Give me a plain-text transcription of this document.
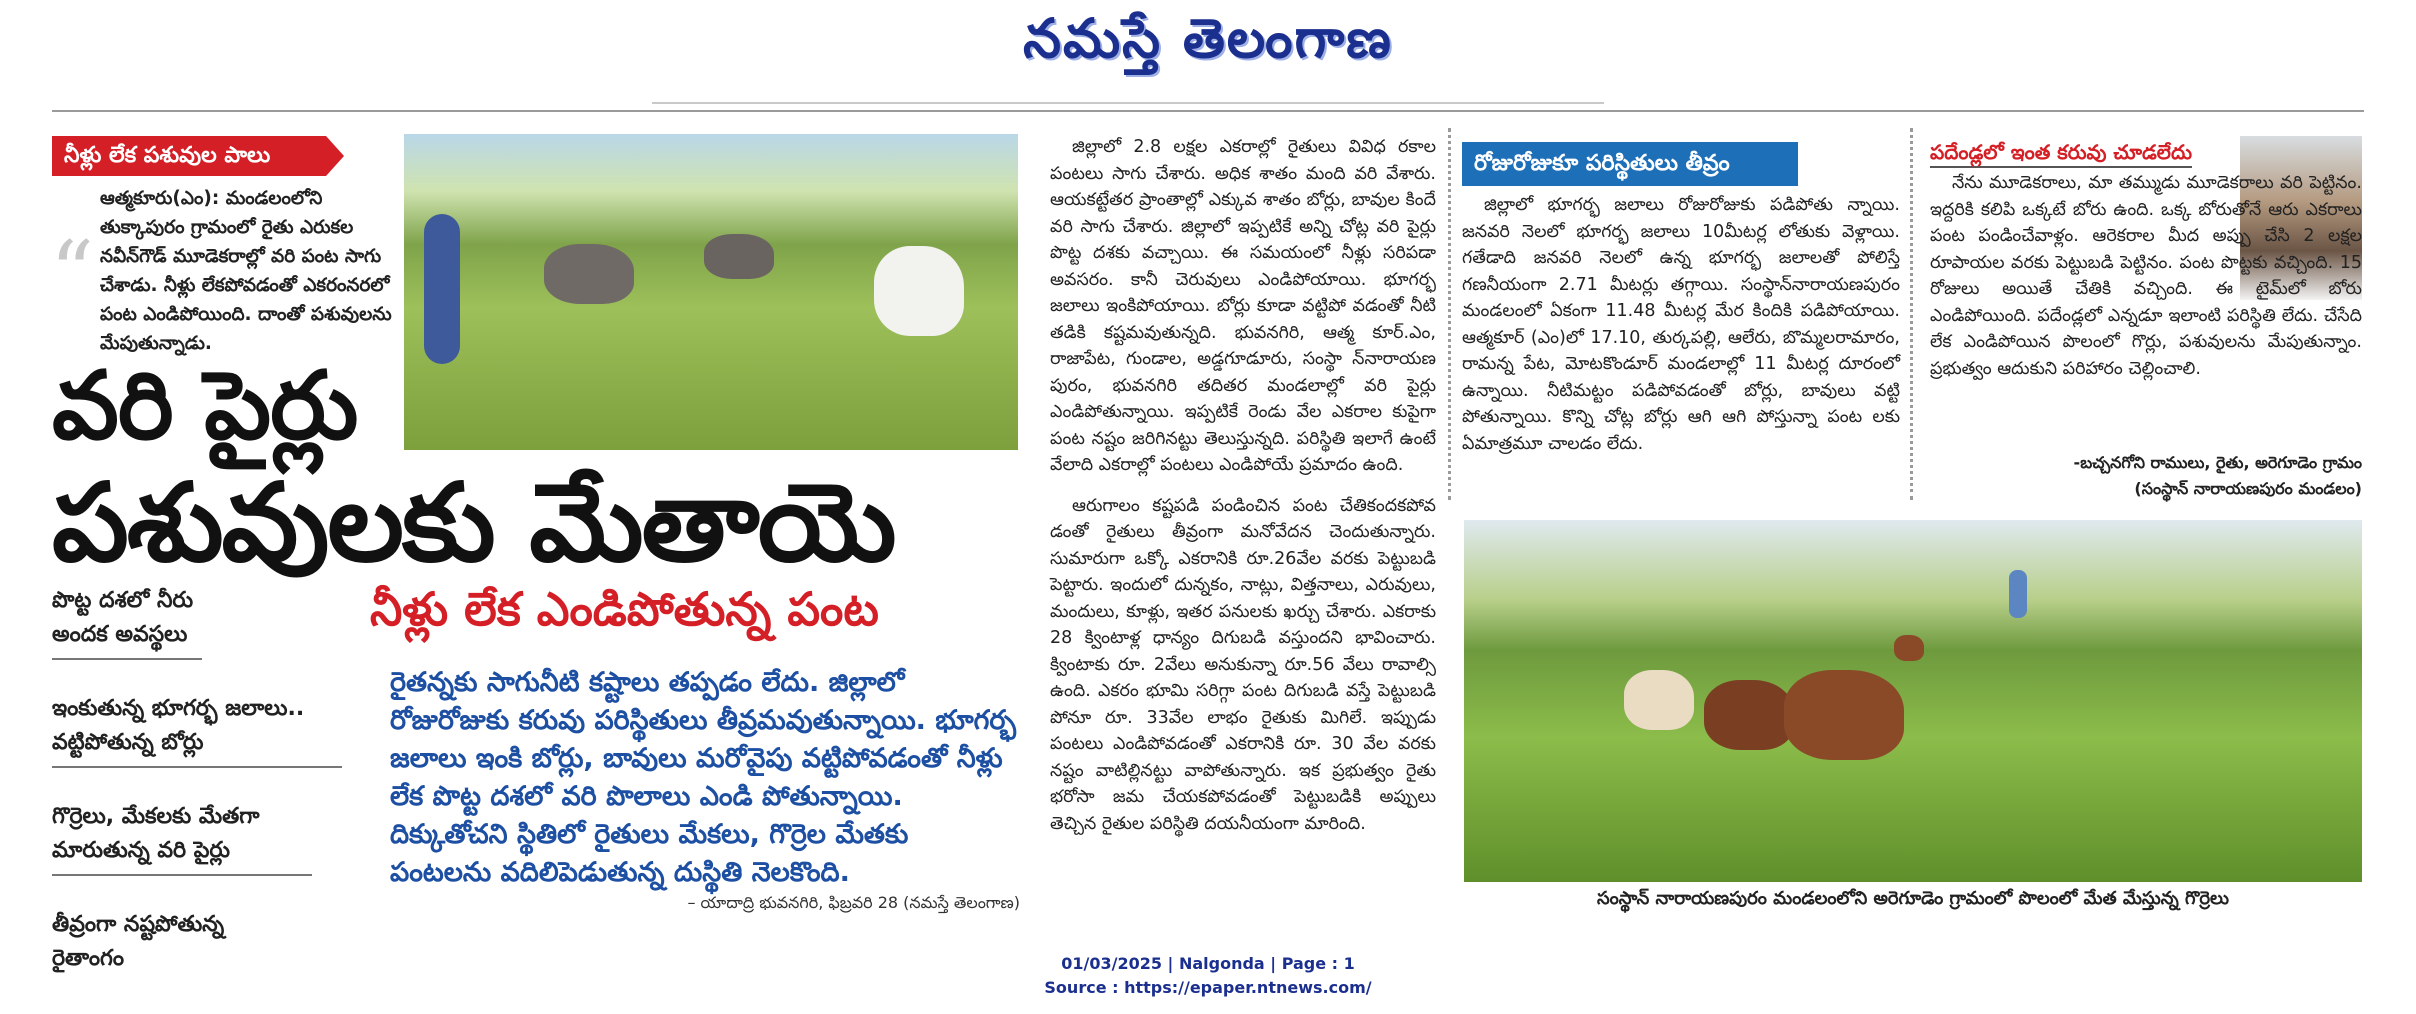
నమస్తే తెలంగాణ
నీళ్లు లేక పశువుల పాలు
“
ఆత్మకూరు(ఎం): మండలంలోని తుక్కాపురం గ్రామంలో రైతు ఎరుకల నవీన్‌గౌడ్ మూడెకరాల్లో వరి పంట సాగు చేశాడు. నీళ్లు లేకపోవడంతో ఎకరంనరలో పంట ఎండిపోయింది. దాంతో పశువులను మేపుతున్నాడు.
వరి పైర్లు
పశువులకు మేతాయె
నీళ్లు లేక ఎండిపోతున్న పంట
పొట్ట దశలో నీరు అందక అవస్థలు
ఇంకుతున్న భూగర్భ జలాలు.. వట్టిపోతున్న బోర్లు
గొర్రెలు, మేకలకు మేతగా మారుతున్న వరి పైర్లు
తీవ్రంగా నష్టపోతున్న రైతాంగం
రైతన్నకు సాగునీటి కష్టాలు తప్పడం లేదు. జిల్లాలో రోజురోజుకు కరువు పరిస్థితులు తీవ్రమవుతున్నాయి. భూగర్భ జలాలు ఇంకి బోర్లు, బావులు మరోవైపు వట్టిపోవడంతో నీళ్లు లేక పొట్ట దశలో వరి పొలాలు ఎండి పోతున్నాయి. దిక్కుతోచని స్థితిలో రైతులు మేకలు, గొర్రెల మేతకు పంటలను వదిలిపెడుతున్న దుస్థితి నెలకొంది.
– యాదాద్రి భువనగిరి, ఫిబ్రవరి 28 (నమస్తే తెలంగాణ)

జిల్లాలో 2.8 లక్షల ఎకరాల్లో రైతులు వివిధ రకాల పంటలు సాగు చేశారు. అధిక శాతం మంది వరి వేశారు. ఆయకట్టేతర ప్రాంతాల్లో ఎక్కువ శాతం బోర్లు, బావుల కిందే వరి సాగు చేశారు. జిల్లాలో ఇప్పటికే అన్ని చోట్ల వరి పైర్లు పొట్ట దశకు వచ్చాయి. ఈ సమయంలో నీళ్లు సరిపడా అవసరం. కానీ చెరువులు ఎండిపోయాయి. భూగర్భ జలాలు ఇంకిపోయాయి. బోర్లు కూడా వట్టిపో వడంతో నీటి తడికి కష్టమవుతున్నది. భువనగిరి, ఆత్మ కూర్.ఎం, రాజాపేట, గుండాల, అడ్డగూడూరు, సంస్థా న్‌నారాయణ పురం, భువనగిరి తదితర మండలాల్లో వరి పైర్లు ఎండిపోతున్నాయి. ఇప్పటికే రెండు వేల ఎకరాల కుపైగా పంట నష్టం జరిగినట్టు తెలుస్తున్నది. పరిస్థితి ఇలాగే ఉంటే వేలాది ఎకరాల్లో పంటలు ఎండిపోయే ప్రమాదం ఉంది.

ఆరుగాలం కష్టపడి పండించిన పంట చేతికందకపోవ డంతో రైతులు తీవ్రంగా మనోవేదన చెందుతున్నారు. సుమారుగా ఒక్కో ఎకరానికి రూ.26వేల వరకు పెట్టుబడి పెట్టారు. ఇందులో దున్నకం, నాట్లు, విత్తనాలు, ఎరువులు, మందులు, కూళ్లు, ఇతర పనులకు ఖర్చు చేశారు. ఎకరాకు 28 క్వింటాళ్ల ధాన్యం దిగుబడి వస్తుందని భావించారు. క్వింటాకు రూ. 2వేలు అనుకున్నా రూ.56 వేలు రావాల్సి ఉంది. ఎకరం భూమి సరిగ్గా పంట దిగుబడి వస్తే పెట్టుబడి పోనూ రూ. 33వేల లాభం రైతుకు మిగిలే. ఇప్పుడు పంటలు ఎండిపోవడంతో ఎకరానికి రూ. 30 వేల వరకు నష్టం వాటిల్లినట్టు వాపోతున్నారు. ఇక ప్రభుత్వం రైతు భరోసా జమ చేయకపోవడంతో పెట్టుబడికి అప్పులు తెచ్చిన రైతుల పరిస్థితి దయనీయంగా మారింది.

రోజురోజుకూ పరిస్థితులు తీవ్రం

జిల్లాలో భూగర్భ జలాలు రోజురోజుకు పడిపోతు న్నాయి. జనవరి నెలలో భూగర్భ జలాలు 10మీటర్ల లోతుకు వెళ్లాయి. గతేడాది జనవరి నెలలో ఉన్న భూగర్భ జలాలతో పోలిస్తే గణనీయంగా 2.71 మీటర్లు తగ్గాయి. సంస్థాన్‌నారాయణపురం మండలంలో ఏకంగా 11.48 మీటర్ల మేర కిందికి పడిపోయాయి. ఆత్మకూర్ (ఎం)లో 17.10, తుర్కపల్లి, ఆలేరు, బొమ్మలరామారం, రామన్న పేట, మోటకొండూర్ మండలాల్లో 11 మీటర్ల దూరంలో ఉన్నాయి. నీటిమట్టం పడిపోవడంతో బోర్లు, బావులు వట్టి పోతున్నాయి. కొన్ని చోట్ల బోర్లు ఆగి ఆగి పోస్తున్నా పంట లకు ఏమాత్రమూ చాలడం లేదు.

పదేండ్లలో ఇంత కరువు చూడలేదు

నేను మూడెకరాలు, మా తమ్ముడు మూడెకరాలు వరి పెట్టినం. ఇద్దరికి కలిపి ఒక్కటే బోరు ఉంది. ఒక్క బోరుతోనే ఆరు ఎకరాలు పంట పండించేవాళ్లం. ఆరెకరాల మీద అప్పు చేసి 2 లక్షల రూపాయల వరకు పెట్టుబడి పెట్టినం. పంట పొట్టకు వచ్చింది. 15 రోజులు అయితే చేతికి వచ్చింది. ఈ టైమ్‌లో బోరు ఎండిపోయింది. పదేండ్లలో ఎన్నడూ ఇలాంటి పరిస్థితి లేదు. చేసేది లేక ఎండిపోయిన పొలంలో గొర్లు, పశువులను మేపుతున్నాం. ప్రభుత్వం ఆదుకుని పరిహారం చెల్లించాలి.

-బచ్చనగోని రాములు, రైతు, అరెగూడెం గ్రామం
(సంస్థాన్ నారాయణపురం మండలం)
సంస్థాన్ నారాయణపురం మండలంలోని అరెగూడెం గ్రామంలో పొలంలో మేత మేస్తున్న గొర్రెలు
01/03/2025 | Nalgonda | Page : 1
Source : https://epaper.ntnews.com/
